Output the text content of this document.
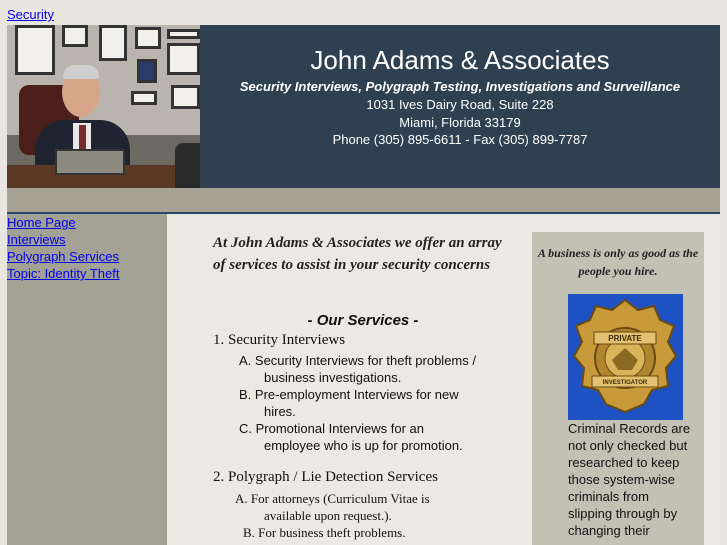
Security
John Adams & Associates
Security Interviews, Polygraph Testing, Investigations and Surveillance
1031 Ives Dairy Road, Suite 228
Miami, Florida 33179
Phone (305) 895-6611 - Fax (305) 899-7787
Home Page
Interviews
Polygraph Services
Topic: Identity Theft
At John Adams & Associates we offer an array of services to assist in your security concerns
- Our Services -
1. Security Interviews
A. Security Interviews for theft problems /
business investigations.
B. Pre-employment Interviews for new
hires.
C. Promotional Interviews for an
employee who is up for promotion.
2. Polygraph / Lie Detection Services
A. For attorneys (Curriculum Vitae is
available upon request.).
B. For business theft problems.
A business is only as good as the people you hire.
PRIVATE
INVESTIGATOR
Criminal Records are
not only checked but
researched to keep
those system-wise
criminals from
slipping through by
changing their
